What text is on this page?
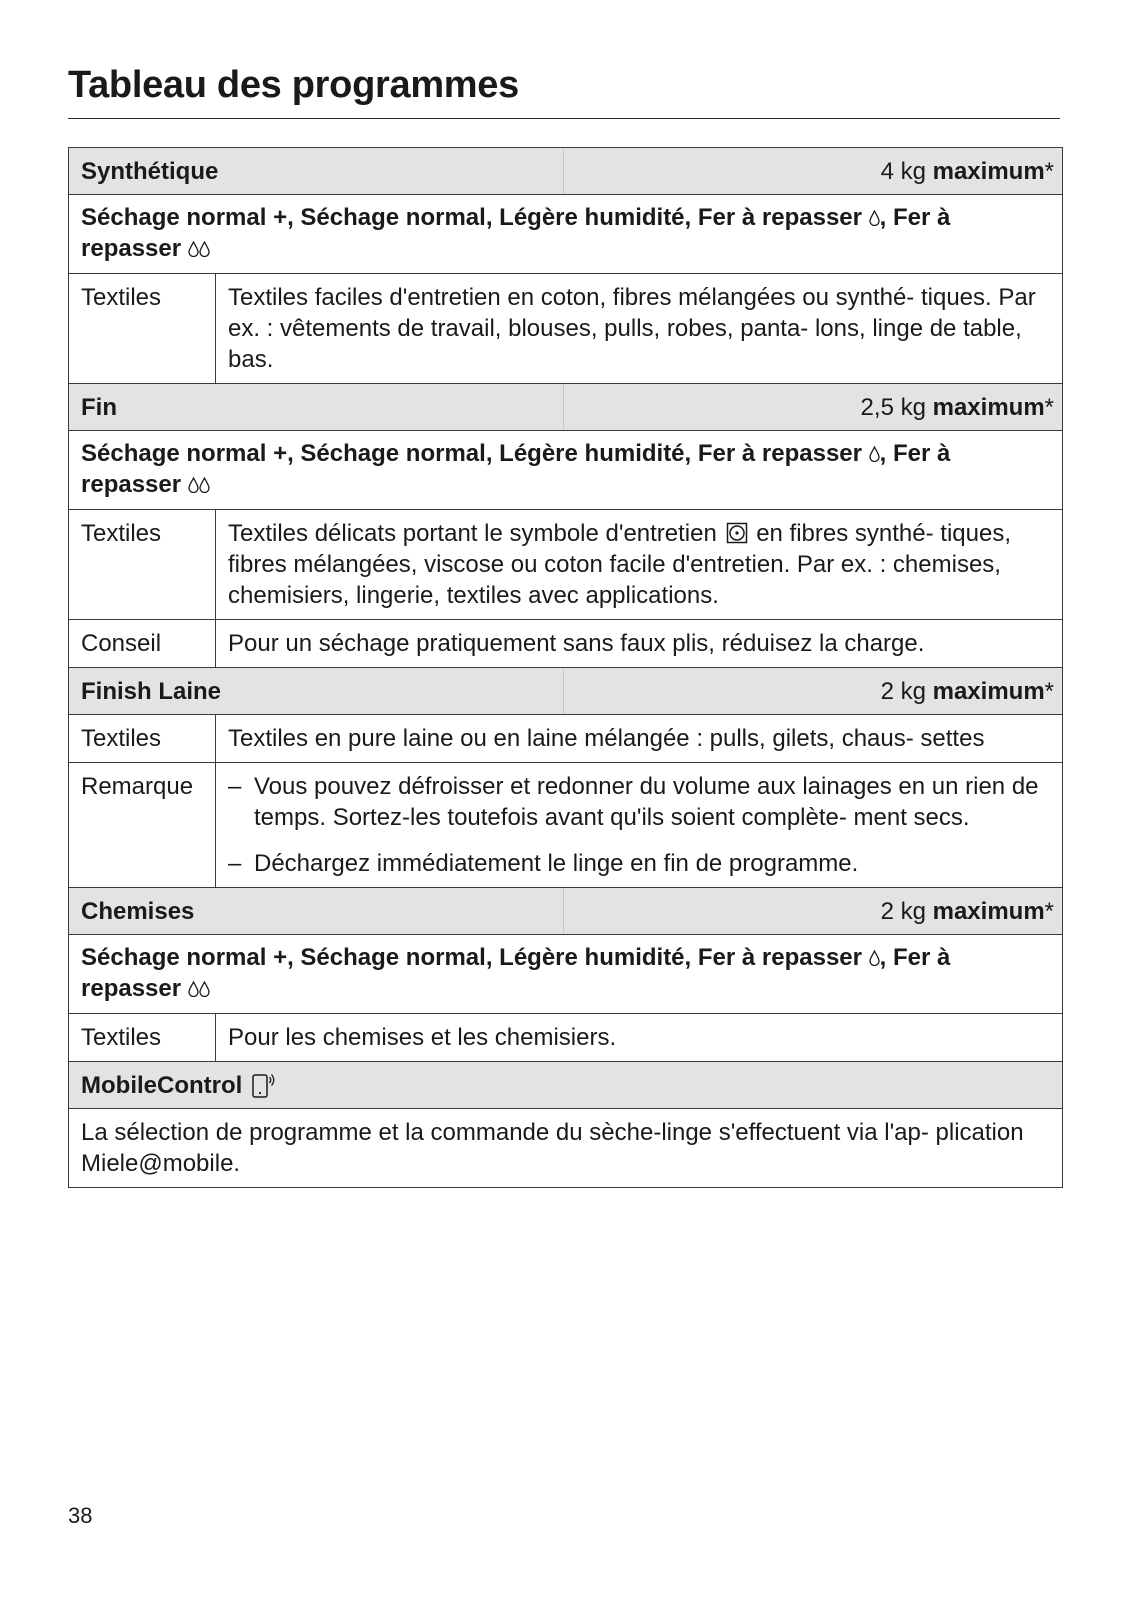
Tableau des programmes
Synthétique	4 kg maximum*
Séchage normal +, Séchage normal, Légère humidité, Fer à repasser , Fer à repasser
Textiles	Textiles faciles d'entretien en coton, fibres mélangées ou synthé- tiques. Par ex. : vêtements de travail, blouses, pulls, robes, panta- lons, linge de table, bas.
Fin	2,5 kg maximum*
Séchage normal +, Séchage normal, Légère humidité, Fer à repasser , Fer à repasser
Textiles	Textiles délicats portant le symbole d'entretien en fibres synthé- tiques, fibres mélangées, viscose ou coton facile d'entretien. Par ex. : chemises, chemisiers, lingerie, textiles avec applications.
Conseil	Pour un séchage pratiquement sans faux plis, réduisez la charge.
Finish Laine	2 kg maximum*
Textiles	Textiles en pure laine ou en laine mélangée : pulls, gilets, chaus- settes
Remarque	– Vous pouvez défroisser et redonner du volume aux lainages en un rien de temps. Sortez-les toutefois avant qu'ils soient complète- ment secs.
– Déchargez immédiatement le linge en fin de programme.
Chemises	2 kg maximum*
Séchage normal +, Séchage normal, Légère humidité, Fer à repasser , Fer à repasser
Textiles	Pour les chemises et les chemisiers.
MobileControl
La sélection de programme et la commande du sèche-linge s'effectuent via l'ap- plication Miele@mobile.
38
